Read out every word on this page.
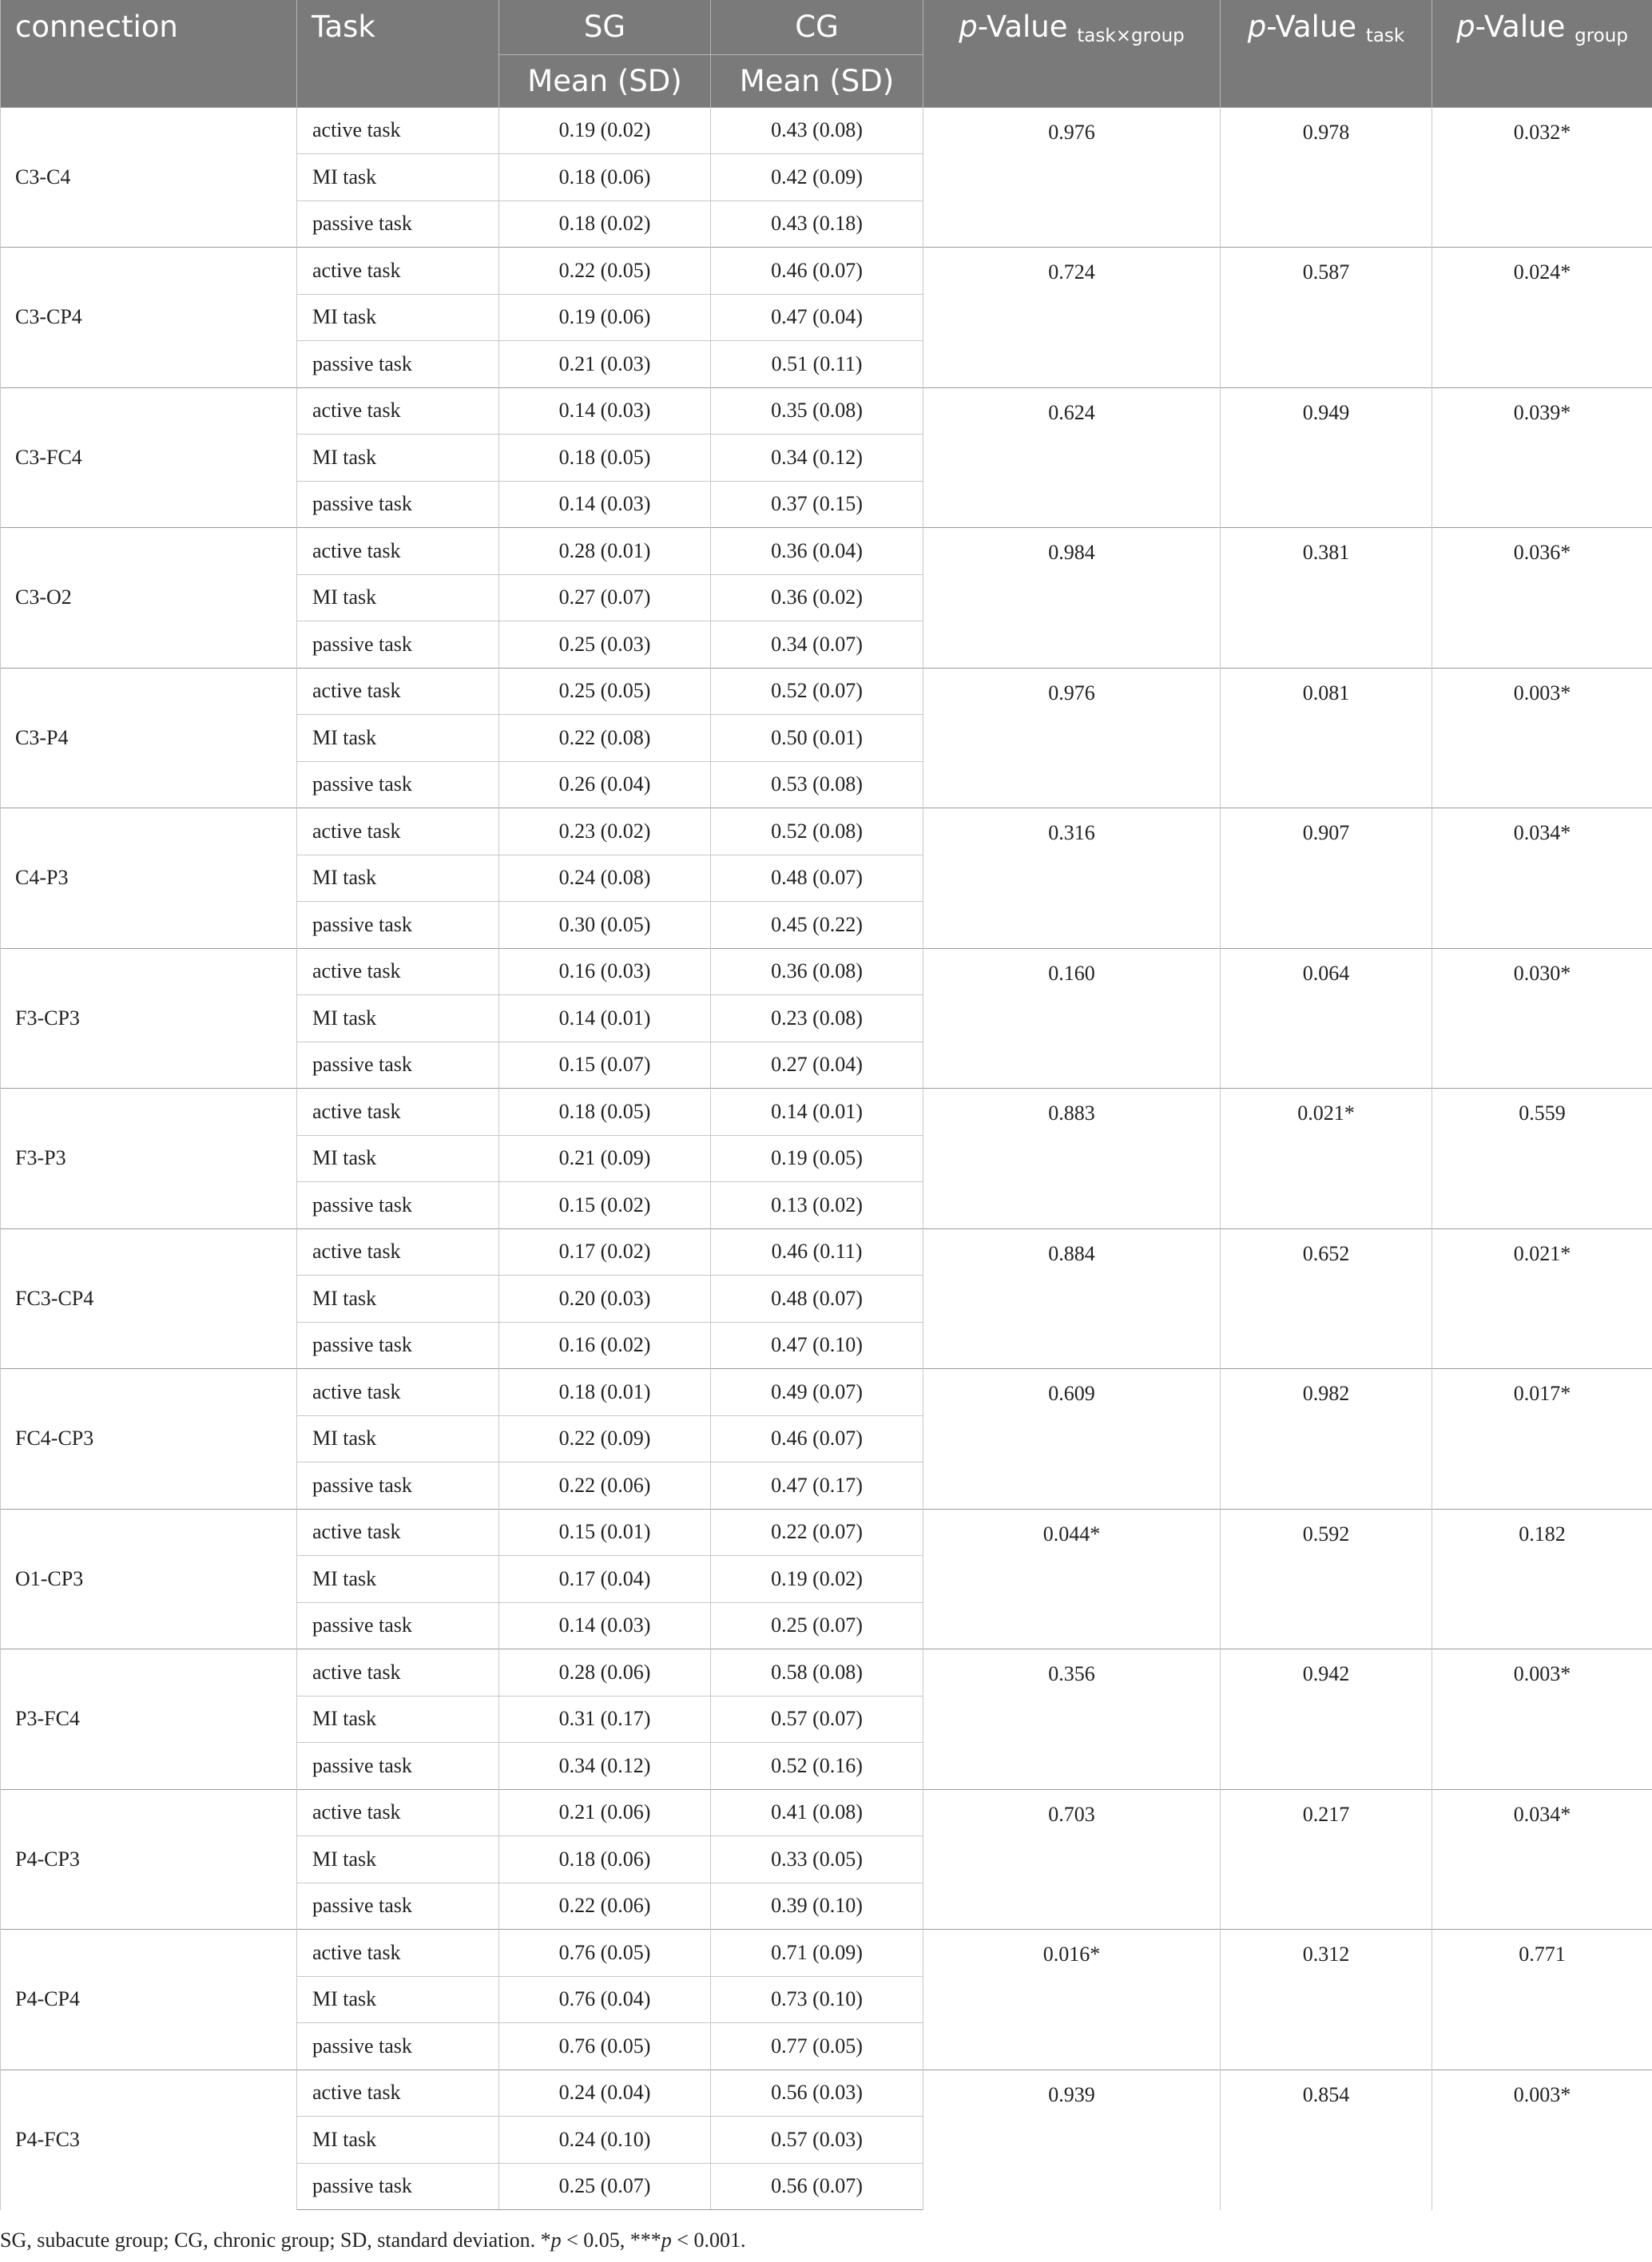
connection	Task	SG	CG	p-Value $_{task\times group}$	p-Value $_{task}$	p-Value $_{group}$
		Mean (SD)	Mean (SD)			
C3-C4	active task	0.19 (0.02)	0.43 (0.08)	0.976	0.978	0.032*
	MI task	0.18 (0.06)	0.42 (0.09)			
	passive task	0.18 (0.02)	0.43 (0.18)			
C3-CP4	active task	0.22 (0.05)	0.46 (0.07)	0.724	0.587	0.024*
	MI task	0.19 (0.06)	0.47 (0.04)			
	passive task	0.21 (0.03)	0.51 (0.11)			
C3-FC4	active task	0.14 (0.03)	0.35 (0.08)	0.624	0.949	0.039*
	MI task	0.18 (0.05)	0.34 (0.12)			
	passive task	0.14 (0.03)	0.37 (0.15)			
C3-O2	active task	0.28 (0.01)	0.36 (0.04)	0.984	0.381	0.036*
	MI task	0.27 (0.07)	0.36 (0.02)			
	passive task	0.25 (0.03)	0.34 (0.07)			
C3-P4	active task	0.25 (0.05)	0.52 (0.07)	0.976	0.081	0.003*
	MI task	0.22 (0.08)	0.50 (0.01)			
	passive task	0.26 (0.04)	0.53 (0.08)			
C4-P3	active task	0.23 (0.02)	0.52 (0.08)	0.316	0.907	0.034*
	MI task	0.24 (0.08)	0.48 (0.07)			
	passive task	0.30 (0.05)	0.45 (0.22)			
F3-CP3	active task	0.16 (0.03)	0.36 (0.08)	0.160	0.064	0.030*
	MI task	0.14 (0.01)	0.23 (0.08)			
	passive task	0.15 (0.07)	0.27 (0.04)			
F3-P3	active task	0.18 (0.05)	0.14 (0.01)	0.883	0.021*	0.559
	MI task	0.21 (0.09)	0.19 (0.05)			
	passive task	0.15 (0.02)	0.13 (0.02)			
FC3-CP4	active task	0.17 (0.02)	0.46 (0.11)	0.884	0.652	0.021*
	MI task	0.20 (0.03)	0.48 (0.07)			
	passive task	0.16 (0.02)	0.47 (0.10)			
FC4-CP3	active task	0.18 (0.01)	0.49 (0.07)	0.609	0.982	0.017*
	MI task	0.22 (0.09)	0.46 (0.07)			
	passive task	0.22 (0.06)	0.47 (0.17)			
O1-CP3	active task	0.15 (0.01)	0.22 (0.07)	0.044*	0.592	0.182
	MI task	0.17 (0.04)	0.19 (0.02)			
	passive task	0.14 (0.03)	0.25 (0.07)			
P3-FC4	active task	0.28 (0.06)	0.58 (0.08)	0.356	0.942	0.003*
	MI task	0.31 (0.17)	0.57 (0.07)			
	passive task	0.34 (0.12)	0.52 (0.16)			
P4-CP3	active task	0.21 (0.06)	0.41 (0.08)	0.703	0.217	0.034*
	MI task	0.18 (0.06)	0.33 (0.05)			
	passive task	0.22 (0.06)	0.39 (0.10)			
P4-CP4	active task	0.76 (0.05)	0.71 (0.09)	0.016*	0.312	0.771
	MI task	0.76 (0.04)	0.73 (0.10)			
	passive task	0.76 (0.05)	0.77 (0.05)			
P4-FC3	active task	0.24 (0.04)	0.56 (0.03)	0.939	0.854	0.003*
	MI task	0.24 (0.10)	0.57 (0.03)			
	passive task	0.25 (0.07)	0.56 (0.07)			
SG, subacute group; CG, chronic group; SD, standard deviation. *p < 0.05, ***p < 0.001.
